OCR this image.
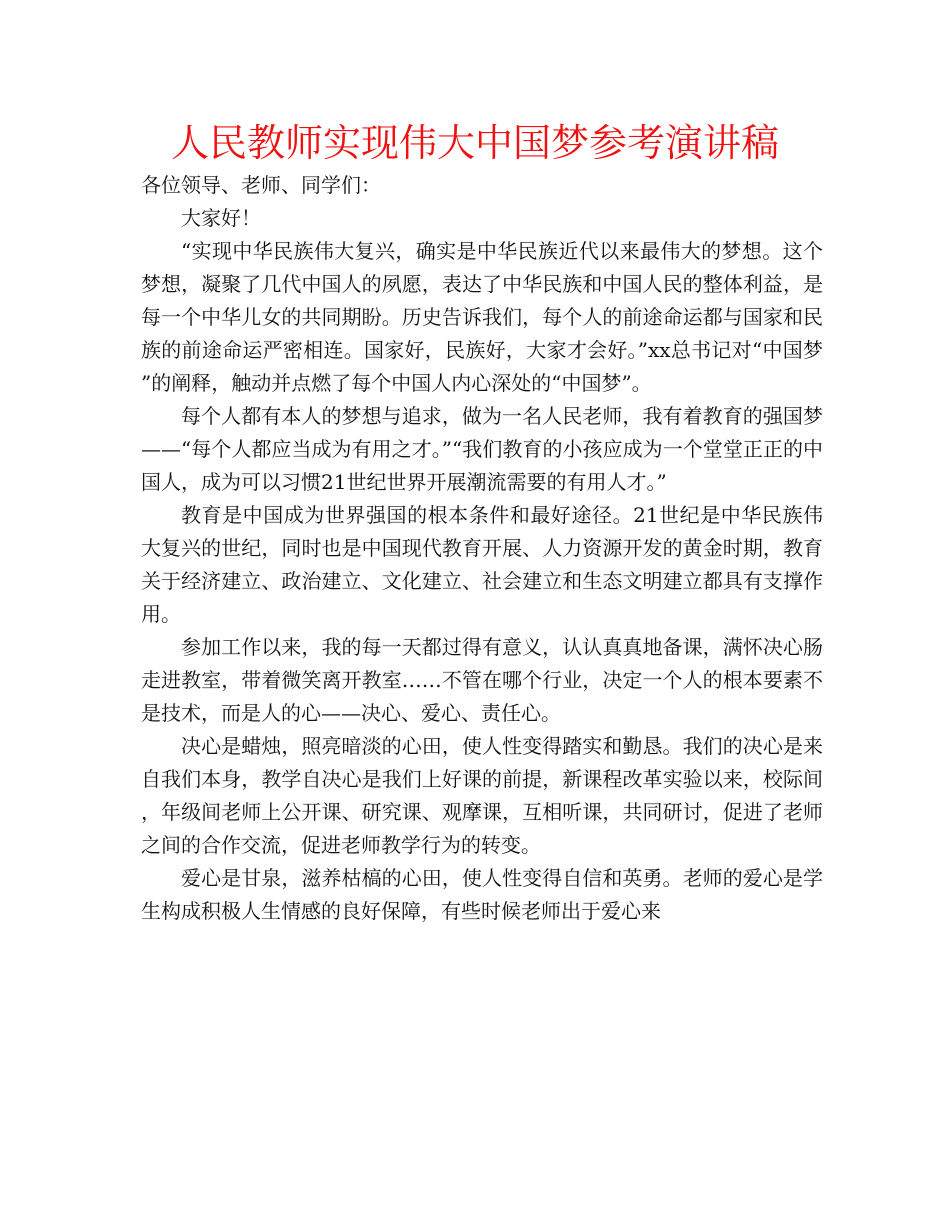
人民教师实现伟大中国梦参考演讲稿

各位领导、老师、同学们：

大家好！

“实现中华民族伟大复兴，确实是中华民族近代以来最伟大的梦想。这个梦想，凝聚了几代中国人的夙愿，表达了中华民族和中国人民的整体利益，是每一个中华儿女的共同期盼。历史告诉我们，每个人的前途命运都与国家和民族的前途命运严密相连。国家好，民族好，大家才会好。”xx总书记对“中国梦”的阐释，触动并点燃了每个中国人内心深处的“中国梦”。

每个人都有本人的梦想与追求，做为一名人民老师，我有着教育的强国梦——“每个人都应当成为有用之才。”“我们教育的小孩应成为一个堂堂正正的中国人，成为可以习惯21世纪世界开展潮流需要的有用人才。”

教育是中国成为世界强国的根本条件和最好途径。21世纪是中华民族伟大复兴的世纪，同时也是中国现代教育开展、人力资源开发的黄金时期，教育关于经济建立、政治建立、文化建立、社会建立和生态文明建立都具有支撑作用。

参加工作以来，我的每一天都过得有意义，认认真真地备课，满怀决心肠走进教室，带着微笑离开教室……不管在哪个行业，决定一个人的根本要素不是技术，而是人的心——决心、爱心、责任心。

决心是蜡烛，照亮暗淡的心田，使人性变得踏实和勤恳。我们的决心是来自我们本身，教学自决心是我们上好课的前提，新课程改革实验以来，校际间，年级间老师上公开课、研究课、观摩课，互相听课，共同研讨，促进了老师之间的合作交流，促进老师教学行为的转变。

爱心是甘泉，滋养枯槁的心田，使人性变得自信和英勇。老师的爱心是学生构成积极人生情感的良好保障，有些时候老师出于爱心来
